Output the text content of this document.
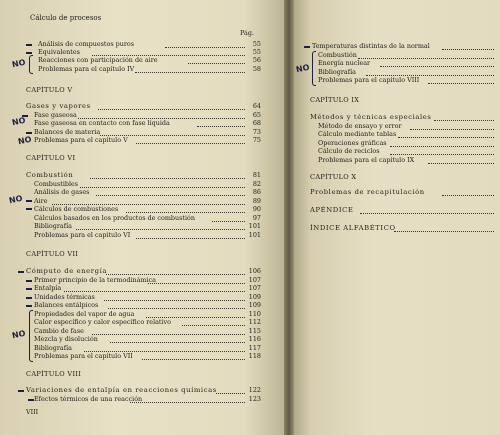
Cálculo de procesos
Pág.
Análisis de compuestos puros	55
Equivalentes	55
Reacciones con participación de aire	56
Problemas para el capítulo IV	58
CAPÍTULO V
Gases y vapores	64
Fase gaseosa	65
Fase gaseosa en contacto con fase líquida	68
Balances de materia	73
Problemas para el capítulo V	75
CAPÍTULO VI
Combustión	81
Combustibles	82
Análisis de gases	86
Aire	89
Cálculos de combustiones	90
Cálculos basados en los productos de combustión	97
Bibliografía	101
Problemas para el capítulo VI	101
CAPÍTULO VII
Cómputo de energía	106
Primer principio de la termodinámica	107
Entalpía	107
Unidades térmicas	109
Balances entálpicos	109
Propiedades del vapor de agua	110
Calor específico y calor específico relativo	112
Cambio de fase	115
Mezcla y disolución	116
Bibliografía	117
Problemas para el capítulo VII	118
CAPÍTULO VIII
Variaciones de entalpía en reacciones químicas	122
Efectos térmicos de una reacción	123
VIII
NO
NO
NO
NO
NO
Temperaturas distintas de la normal
Combustión
Energía nuclear
Bibliografía
Problemas para el capítulo VIII
CAPÍTULO IX
Métodos y técnicas especiales
Método de ensayo y error
Cálculo mediante tablas
Operaciones gráficas
Cálculo de reciclos
Problemas para el capítulo IX
CAPÍTULO X
Problemas de recapitulación
APÉNDICE
ÍNDICE ALFABÉTICO
NO
